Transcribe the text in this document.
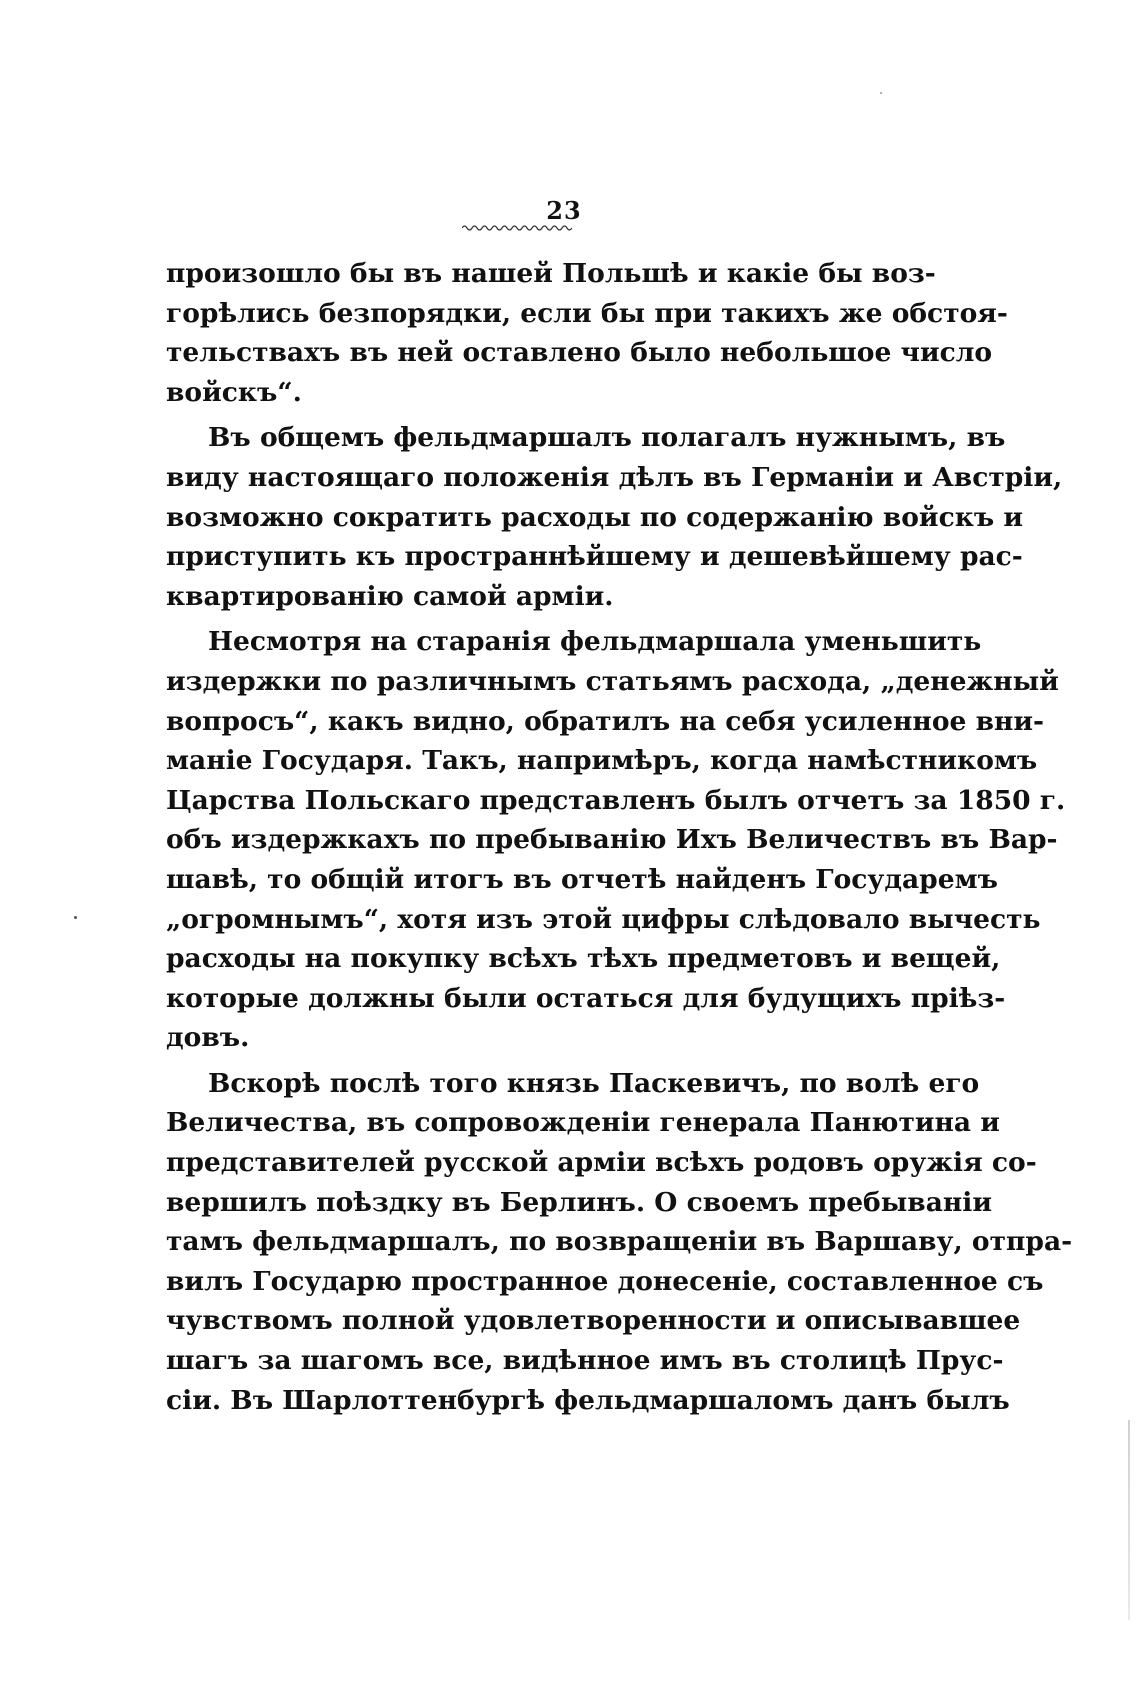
23
произошло бы въ нашей Польшѣ и какіе бы воз-
горѣлись безпорядки, если бы при такихъ же обстоя-
тельствахъ въ ней оставлено было небольшое число
войскъ“.
Въ общемъ фельдмаршалъ полагалъ нужнымъ, въ
виду настоящаго положенія дѣлъ въ Германіи и Австріи,
возможно сократить расходы по содержанію войскъ и
приступить къ пространнѣйшему и дешевѣйшему рас-
квартированію самой арміи.
Несмотря на старанія фельдмаршала уменьшить
издержки по различнымъ статьямъ расхода, „денежный
вопросъ“, какъ видно, обратилъ на себя усиленное вни-
маніе Государя. Такъ, напримѣръ, когда намѣстникомъ
Царства Польскаго представленъ былъ отчетъ за 1850 г.
объ издержкахъ по пребыванію Ихъ Величествъ въ Вар-
шавѣ, то общій итогъ въ отчетѣ найденъ Государемъ
„огромнымъ“, хотя изъ этой цифры слѣдовало вычесть
расходы на покупку всѣхъ тѣхъ предметовъ и вещей,
которые должны были остаться для будущихъ пріѣз-
довъ.
Вскорѣ послѣ того князь Паскевичъ, по волѣ его
Величества, въ сопровожденіи генерала Панютина и
представителей русской арміи всѣхъ родовъ оружія со-
вершилъ поѣздку въ Берлинъ. О своемъ пребываніи
тамъ фельдмаршалъ, по возвращеніи въ Варшаву, отпра-
вилъ Государю пространное донесеніе, составленное съ
чувствомъ полной удовлетворенности и описывавшее
шагъ за шагомъ все, видѣнное имъ въ столицѣ Прус-
сіи. Въ Шарлоттенбургѣ фельдмаршаломъ данъ былъ
